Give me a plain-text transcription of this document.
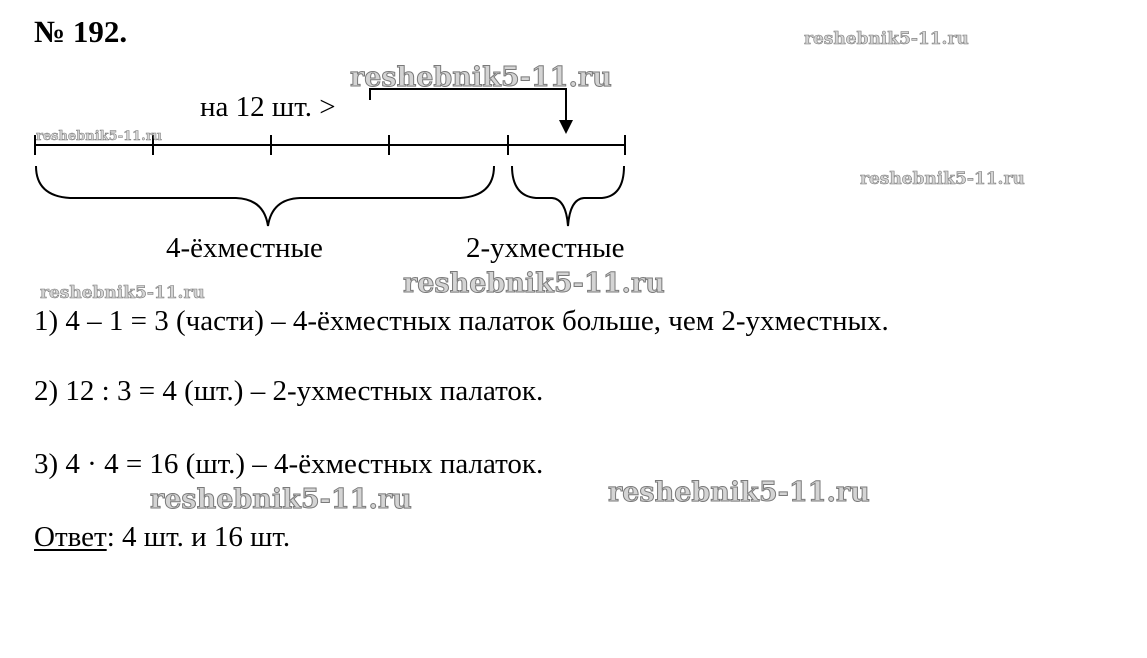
№ 192.
на 12 шт. >
4-ёхместные	2-ухместные
1) 4 – 1 = 3 (части) – 4-ёхместных палаток больше, чем 2-ухместных.
2) 12 : 3 = 4 (шт.) – 2-ухместных палаток.
3) 4 · 4 = 16 (шт.) – 4-ёхместных палаток.
Ответ: 4 шт. и 16 шт.
reshebnik5-11.ru
reshebnik5-11.ru
reshebnik5-11.ru
reshebnik5-11.ru
reshebnik5-11.ru
reshebnik5-11.ru
reshebnik5-11.ru	reshebnik5-11.ru
